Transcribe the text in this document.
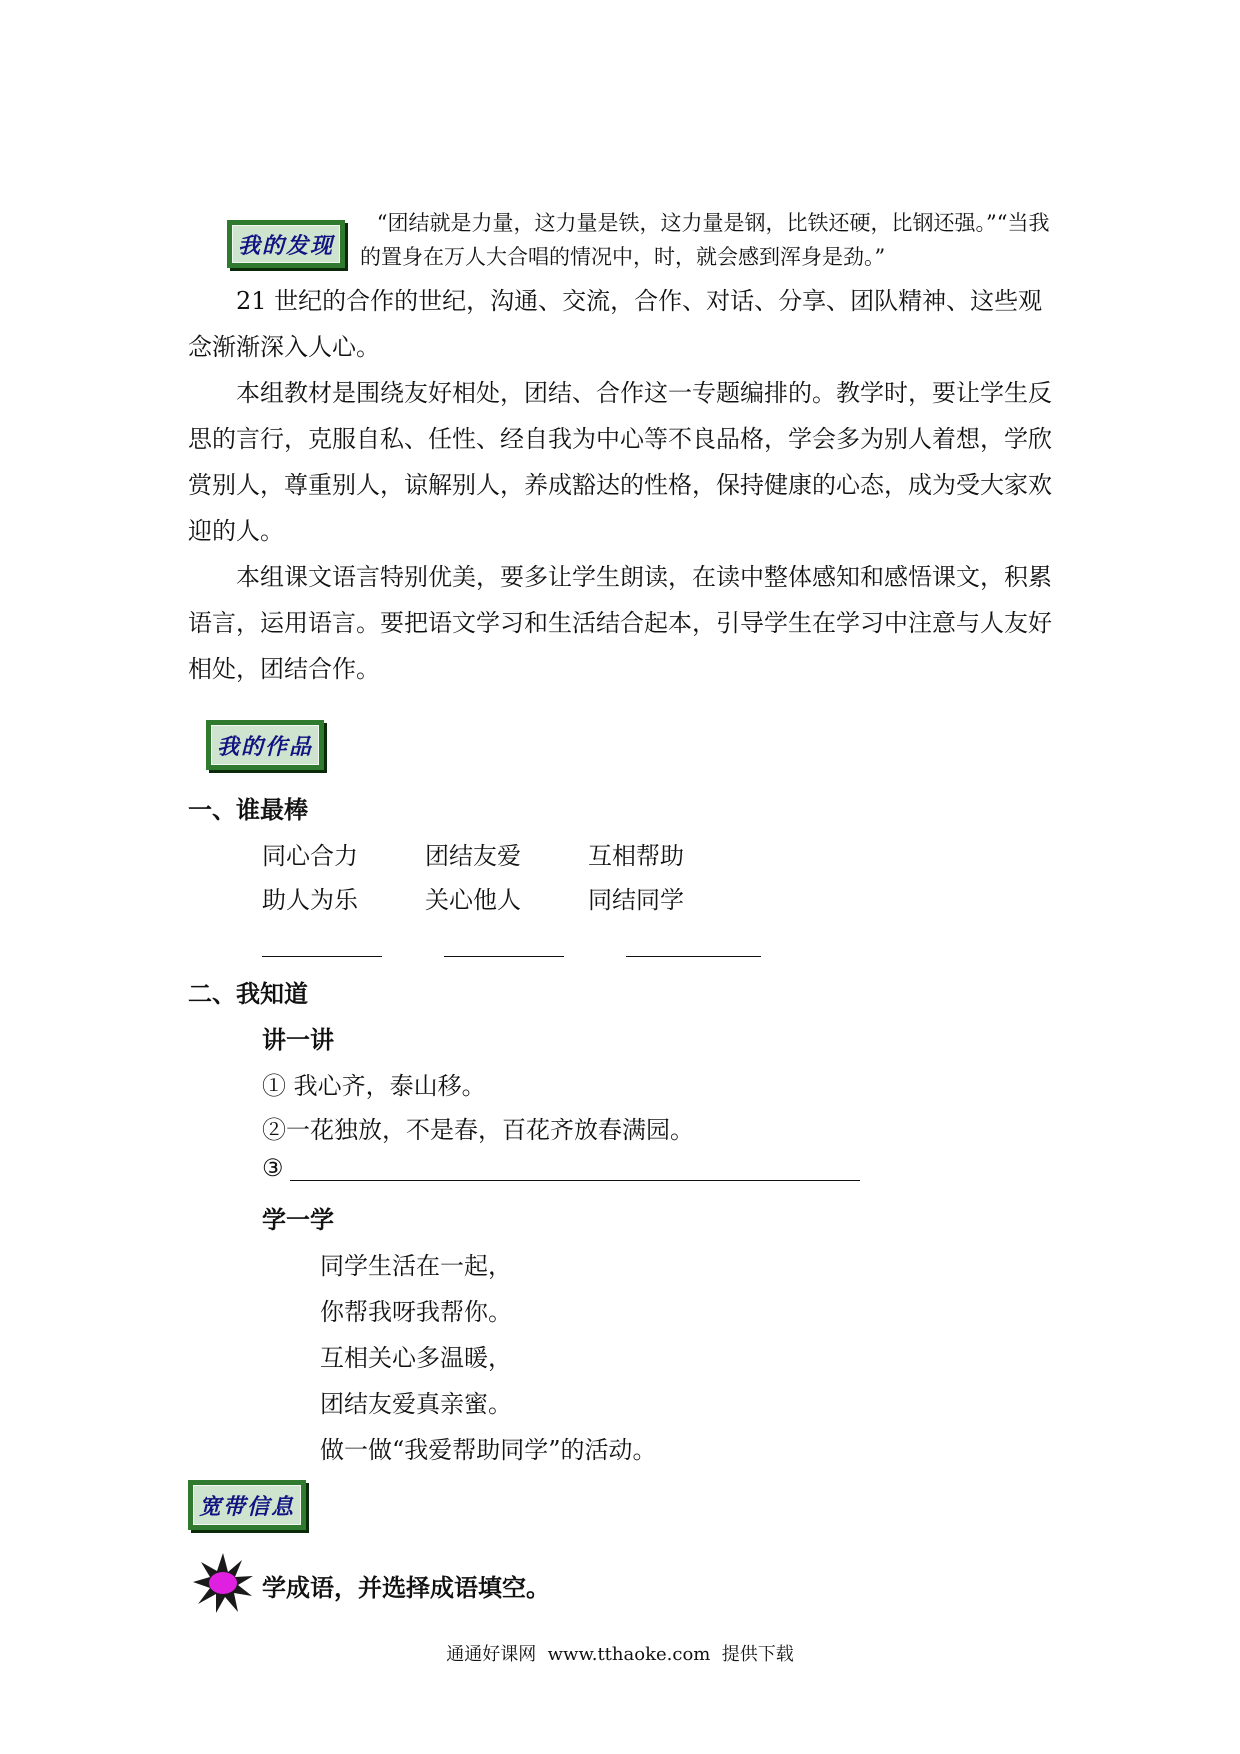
我的发现
“团结就是力量，这力量是铁，这力量是钢，比铁还硬，比钢还强。”“当我的置身在万人大合唱的情况中，时，就会感到浑身是劲。”

21 世纪的合作的世纪，沟通、交流，合作、对话、分享、团队精神、这些观念渐渐深入人心。

本组教材是围绕友好相处，团结、合作这一专题编排的。教学时，要让学生反思的言行，克服自私、任性、经自我为中心等不良品格，学会多为别人着想，学欣赏别人，尊重别人，谅解别人，养成豁达的性格，保持健康的心态，成为受大家欢迎的人。

本组课文语言特别优美，要多让学生朗读，在读中整体感知和感悟课文，积累语言，运用语言。要把语文学习和生活结合起本，引导学生在学习中注意与人友好相处，团结合作。

我的作品
一、谁最棒
同心合力	团结友爱	互相帮助
助人为乐	关心他人	同结同学
二、我知道
讲一讲
① 我心齐，泰山移。
②一花独放，不是春，百花齐放春满园。
③
学一学
同学生活在一起，
你帮我呀我帮你。
互相关心多温暖，
团结友爱真亲蜜。
做一做“我爱帮助同学”的活动。
宽带信息
学成语，并选择成语填空。
通通好课网  www.tthaoke.com  提供下载
